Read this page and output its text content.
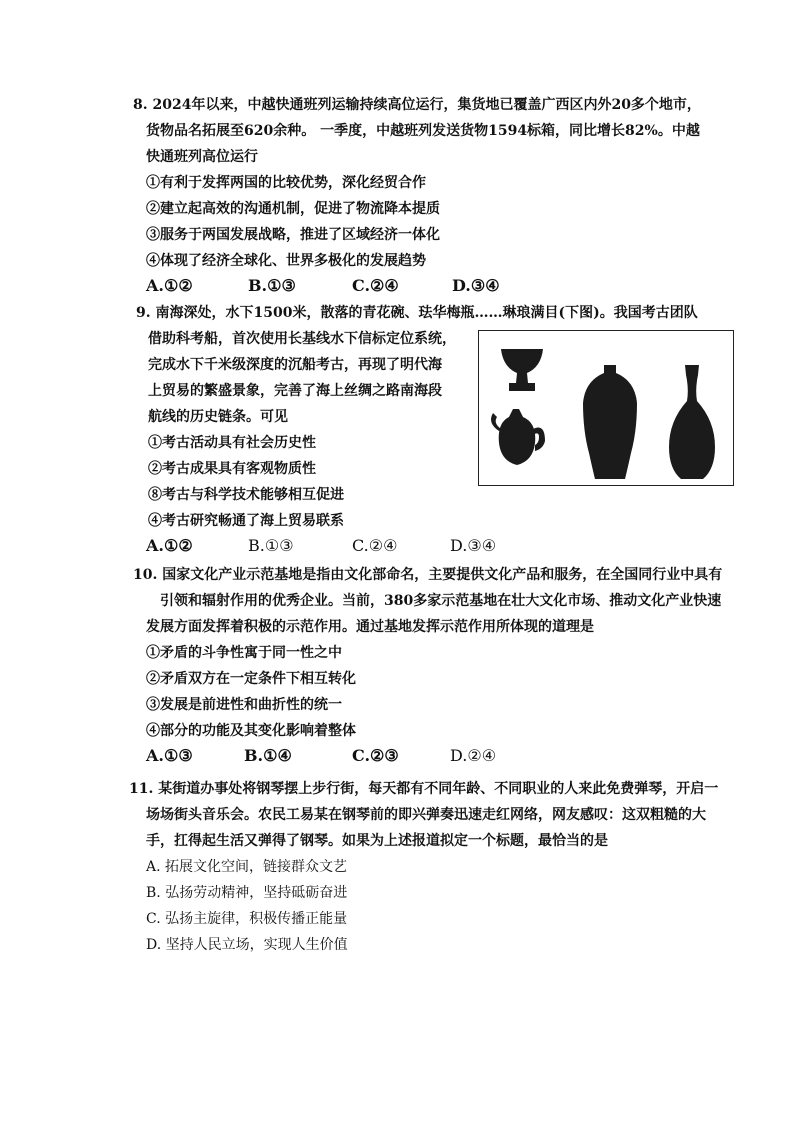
8. 2024年以来，中越快通班列运输持续高位运行，集货地已覆盖广西区内外20多个地市，
货物品名拓展至620余种。 一季度，中越班列发送货物1594标箱，同比增长82%。中越
快通班列高位运行
①有利于发挥两国的比较优势，深化经贸合作
②建立起高效的沟通机制，促进了物流降本提质
③服务于两国发展战略，推进了区域经济一体化
④体现了经济全球化、世界多极化的发展趋势
A.①②	B.①③	C.②④	D.③④
9. 南海深处，水下1500米，散落的青花碗、珐华梅瓶……琳琅满目(下图)。我国考古团队
借助科考船，首次使用长基线水下信标定位系统，
完成水下千米级深度的沉船考古，再现了明代海
上贸易的繁盛景象，完善了海上丝绸之路南海段
航线的历史链条。可见
①考古活动具有社会历史性
②考古成果具有客观物质性
⑧考古与科学技术能够相互促进
④考古研究畅通了海上贸易联系
A.①②	B.①③	C.②④	D.③④
10. 国家文化产业示范基地是指由文化部命名，主要提供文化产品和服务，在全国同行业中具有
引领和辐射作用的优秀企业。当前，380多家示范基地在壮大文化市场、推动文化产业快速
发展方面发挥着积极的示范作用。通过基地发挥示范作用所体现的道理是
①矛盾的斗争性寓于同一性之中
②矛盾双方在一定条件下相互转化
③发展是前进性和曲折性的统一
④部分的功能及其变化影响着整体
A.①③	B.①④	C.②③	D.②④
11. 某街道办事处将钢琴摆上步行街，每天都有不同年龄、不同职业的人来此免费弹琴，开启一
场场街头音乐会。农民工易某在钢琴前的即兴弹奏迅速走红网络，网友感叹：这双粗糙的大
手，扛得起生活又弹得了钢琴。如果为上述报道拟定一个标题，最恰当的是
A. 拓展文化空间，链接群众文艺
B. 弘扬劳动精神，坚持砥砺奋进
C. 弘扬主旋律，积极传播正能量
D. 坚持人民立场，实现人生价值
